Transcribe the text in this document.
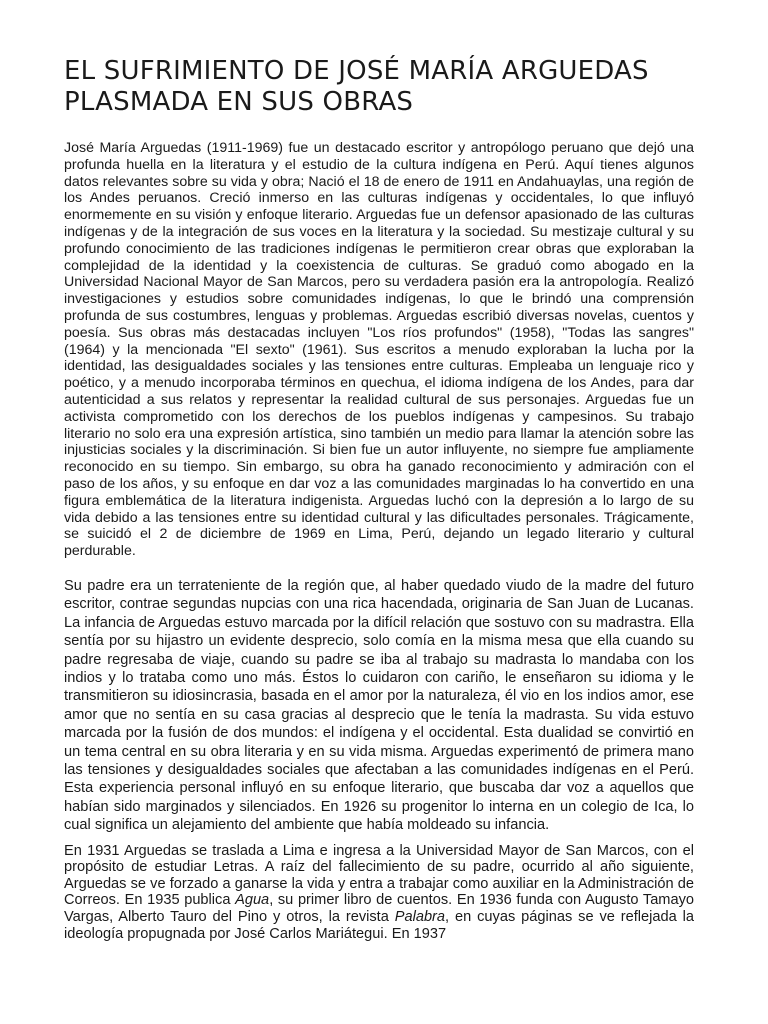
EL SUFRIMIENTO DE JOSÉ MARÍA ARGUEDAS PLASMADA EN SUS OBRAS

José María Arguedas (1911-1969) fue un destacado escritor y antropólogo peruano que dejó una profunda huella en la literatura y el estudio de la cultura indígena en Perú. Aquí tienes algunos datos relevantes sobre su vida y obra; Nació el 18 de enero de 1911 en Andahuaylas, una región de los Andes peruanos. Creció inmerso en las culturas indígenas y occidentales, lo que influyó enormemente en su visión y enfoque literario. Arguedas fue un defensor apasionado de las culturas indígenas y de la integración de sus voces en la literatura y la sociedad. Su mestizaje cultural y su profundo conocimiento de las tradiciones indígenas le permitieron crear obras que exploraban la complejidad de la identidad y la coexistencia de culturas. Se graduó como abogado en la Universidad Nacional Mayor de San Marcos, pero su verdadera pasión era la antropología. Realizó investigaciones y estudios sobre comunidades indígenas, lo que le brindó una comprensión profunda de sus costumbres, lenguas y problemas. Arguedas escribió diversas novelas, cuentos y poesía. Sus obras más destacadas incluyen "Los ríos profundos" (1958), "Todas las sangres" (1964) y la mencionada "El sexto" (1961). Sus escritos a menudo exploraban la lucha por la identidad, las desigualdades sociales y las tensiones entre culturas. Empleaba un lenguaje rico y poético, y a menudo incorporaba términos en quechua, el idioma indígena de los Andes, para dar autenticidad a sus relatos y representar la realidad cultural de sus personajes. Arguedas fue un activista comprometido con los derechos de los pueblos indígenas y campesinos. Su trabajo literario no solo era una expresión artística, sino también un medio para llamar la atención sobre las injusticias sociales y la discriminación. Si bien fue un autor influyente, no siempre fue ampliamente reconocido en su tiempo. Sin embargo, su obra ha ganado reconocimiento y admiración con el paso de los años, y su enfoque en dar voz a las comunidades marginadas lo ha convertido en una figura emblemática de la literatura indigenista. Arguedas luchó con la depresión a lo largo de su vida debido a las tensiones entre su identidad cultural y las dificultades personales. Trágicamente, se suicidó el 2 de diciembre de 1969 en Lima, Perú, dejando un legado literario y cultural perdurable.

Su padre era un terrateniente de la región que, al haber quedado viudo de la madre del futuro escritor, contrae segundas nupcias con una rica hacendada, originaria de San Juan de Lucanas. La infancia de Arguedas estuvo marcada por la difícil relación que sostuvo con su madrastra. Ella sentía por su hijastro un evidente desprecio, solo comía en la misma mesa que ella cuando su padre regresaba de viaje, cuando su padre se iba al trabajo su madrasta lo mandaba con los indios y lo trataba como uno más. Éstos lo cuidaron con cariño, le enseñaron su idioma y le transmitieron su idiosincrasia, basada en el amor por la naturaleza, él vio en los indios amor, ese amor que no sentía en su casa gracias al desprecio que le tenía la madrasta. Su vida estuvo marcada por la fusión de dos mundos: el indígena y el occidental. Esta dualidad se convirtió en un tema central en su obra literaria y en su vida misma. Arguedas experimentó de primera mano las tensiones y desigualdades sociales que afectaban a las comunidades indígenas en el Perú. Esta experiencia personal influyó en su enfoque literario, que buscaba dar voz a aquellos que habían sido marginados y silenciados. En 1926 su progenitor lo interna en un colegio de Ica, lo cual significa un alejamiento del ambiente que había moldeado su infancia.

En 1931 Arguedas se traslada a Lima e ingresa a la Universidad Mayor de San Marcos, con el propósito de estudiar Letras. A raíz del fallecimiento de su padre, ocurrido al año siguiente, Arguedas se ve forzado a ganarse la vida y entra a trabajar como auxiliar en la Administración de Correos. En 1935 publica Agua, su primer libro de cuentos. En 1936 funda con Augusto Tamayo Vargas, Alberto Tauro del Pino y otros, la revista Palabra, en cuyas páginas se ve reflejada la ideología propugnada por José Carlos Mariátegui. En 1937
